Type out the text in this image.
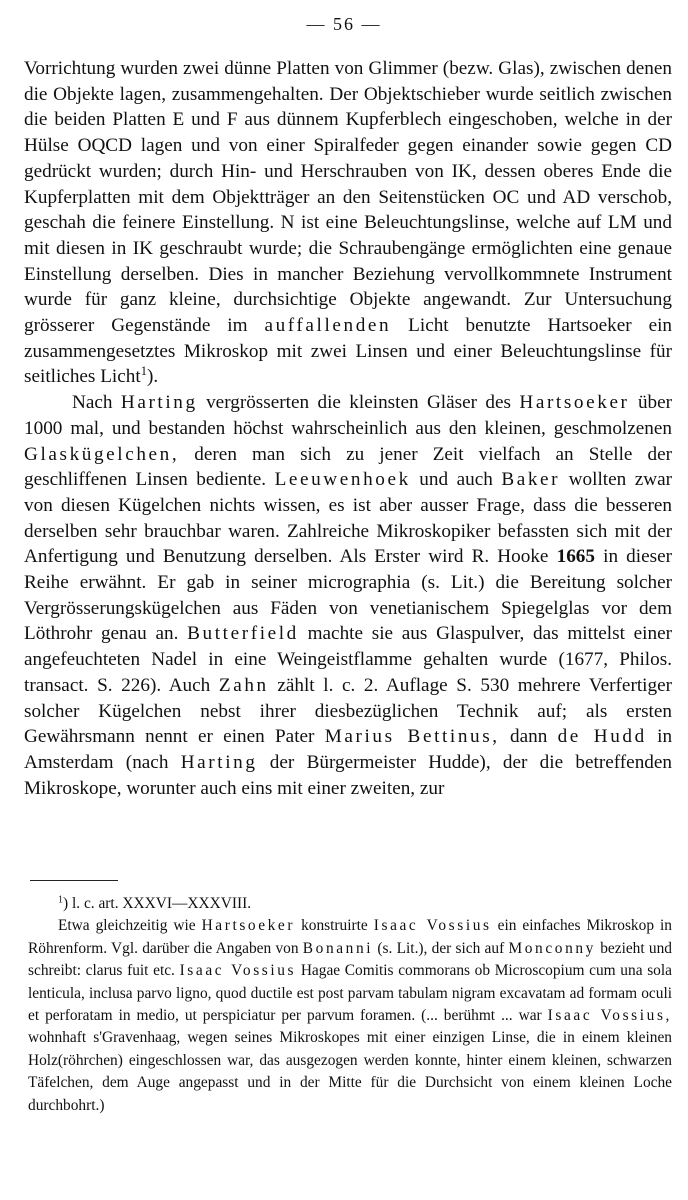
— 56 —

Vorrichtung wurden zwei dünne Platten von Glimmer (bezw. Glas), zwischen denen die Objekte lagen, zusammengehalten. Der Objektschieber wurde seitlich zwischen die beiden Platten E und F aus dünnem Kupferblech eingeschoben, welche in der Hülse OQCD lagen und von einer Spiralfeder gegen einander sowie gegen CD gedrückt wurden; durch Hin- und Herschrauben von IK, dessen oberes Ende die Kupferplatten mit dem Objektträger an den Seitenstücken OC und AD verschob, geschah die feinere Einstellung. N ist eine Beleuchtungslinse, welche auf LM und mit diesen in IK geschraubt wurde; die Schraubengänge ermöglichten eine genaue Einstellung derselben. Dies in mancher Beziehung vervollkommnete Instrument wurde für ganz kleine, durchsichtige Objekte angewandt. Zur Untersuchung grösserer Gegenstände im auffallenden Licht benutzte Hartsoeker ein zusammengesetztes Mikroskop mit zwei Linsen und einer Beleuchtungslinse für seitliches Licht$^1$).

Nach Harting vergrösserten die kleinsten Gläser des Hartsoeker über 1000 mal, und bestanden höchst wahrscheinlich aus den kleinen, geschmolzenen Glaskügelchen, deren man sich zu jener Zeit vielfach an Stelle der geschliffenen Linsen bediente. Leeuwenhoek und auch Baker wollten zwar von diesen Kügelchen nichts wissen, es ist aber ausser Frage, dass die besseren derselben sehr brauchbar waren. Zahlreiche Mikroskopiker befassten sich mit der Anfertigung und Benutzung derselben. Als Erster wird R. Hooke 1665 in dieser Reihe erwähnt. Er gab in seiner micrographia (s. Lit.) die Bereitung solcher Vergrösserungskügelchen aus Fäden von venetianischem Spiegelglas vor dem Löthrohr genau an. Butterfield machte sie aus Glaspulver, das mittelst einer angefeuchteten Nadel in eine Weingeistflamme gehalten wurde (1677, Philos. transact. S. 226). Auch Zahn zählt l. c. 2. Auflage S. 530 mehrere Verfertiger solcher Kügelchen nebst ihrer diesbezüglichen Technik auf; als ersten Gewährsmann nennt er einen Pater Marius Bettinus, dann de Hudd in Amsterdam (nach Harting der Bürgermeister Hudde), der die betreffenden Mikroskope, worunter auch eins mit einer zweiten, zur

$^1$) l. c. art. XXXVI—XXXVIII.

Etwa gleichzeitig wie Hartsoeker konstruirte Isaac Vossius ein einfaches Mikroskop in Röhrenform. Vgl. darüber die Angaben von Bonanni (s. Lit.), der sich auf Monconny bezieht und schreibt: clarus fuit etc. Isaac Vossius Hagae Comitis commorans ob Microscopium cum una sola lenticula, inclusa parvo ligno, quod ductile est post parvam tabulam nigram excavatam ad formam oculi et perforatam in medio, ut perspiciatur per parvum foramen. (... berühmt ... war Isaac Vossius, wohnhaft s'Gravenhaag, wegen seines Mikroskopes mit einer einzigen Linse, die in einem kleinen Holz(röhrchen) eingeschlossen war, das ausgezogen werden konnte, hinter einem kleinen, schwarzen Täfelchen, dem Auge angepasst und in der Mitte für die Durchsicht von einem kleinen Loche durchbohrt.)
